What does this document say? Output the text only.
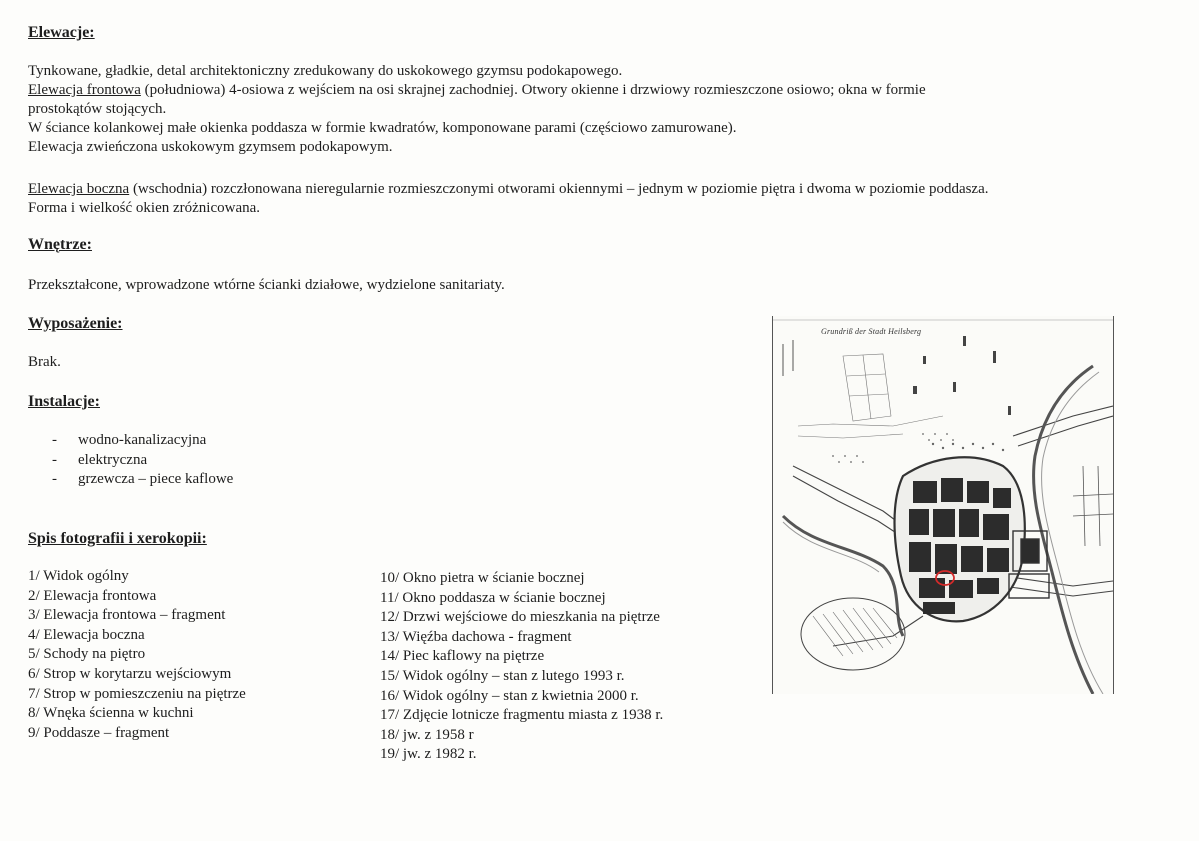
Elewacje:
Tynkowane, gładkie, detal architektoniczny zredukowany do uskokowego gzymsu podokapowego.
Elewacja frontowa (południowa) 4-osiowa z wejściem na osi skrajnej zachodniej. Otwory okienne i drzwiowy rozmieszczone osiowo; okna w formie
prostokątów stojących.
W ściance kolankowej małe okienka poddasza w formie kwadratów, komponowane parami (częściowo zamurowane).
Elewacja zwieńczona uskokowym gzymsem podokapowym.
Elewacja boczna (wschodnia) rozczłonowana nieregularnie rozmieszczonymi otworami okiennymi – jednym w poziomie piętra i dwoma w poziomie poddasza.
Forma i wielkość okien zróżnicowana.
Wnętrze:
Przekształcone, wprowadzone wtórne ścianki działowe, wydzielone sanitariaty.
Wyposażenie:
Brak.
Instalacje:
- wodno-kanalizacyjna
- elektryczna
- grzewcza – piece kaflowe
Spis fotografii i xerokopii:
1/ Widok ogólny
2/ Elewacja frontowa
3/ Elewacja frontowa – fragment
4/ Elewacja boczna
5/ Schody na piętro
6/ Strop w korytarzu wejściowym
7/ Strop w pomieszczeniu na piętrze
8/ Wnęka ścienna w kuchni
9/ Poddasze – fragment
10/ Okno pietra w ścianie bocznej
11/ Okno poddasza w ścianie bocznej
12/ Drzwi wejściowe do mieszkania na piętrze
13/ Więźba dachowa - fragment
14/ Piec kaflowy na piętrze
15/ Widok ogólny – stan z lutego 1993 r.
16/ Widok ogólny – stan z kwietnia 2000 r.
17/ Zdjęcie lotnicze fragmentu miasta z 1938 r.
18/ jw. z 1958 r
19/ jw. z 1982 r.
Grundriß der Stadt Heilsberg
